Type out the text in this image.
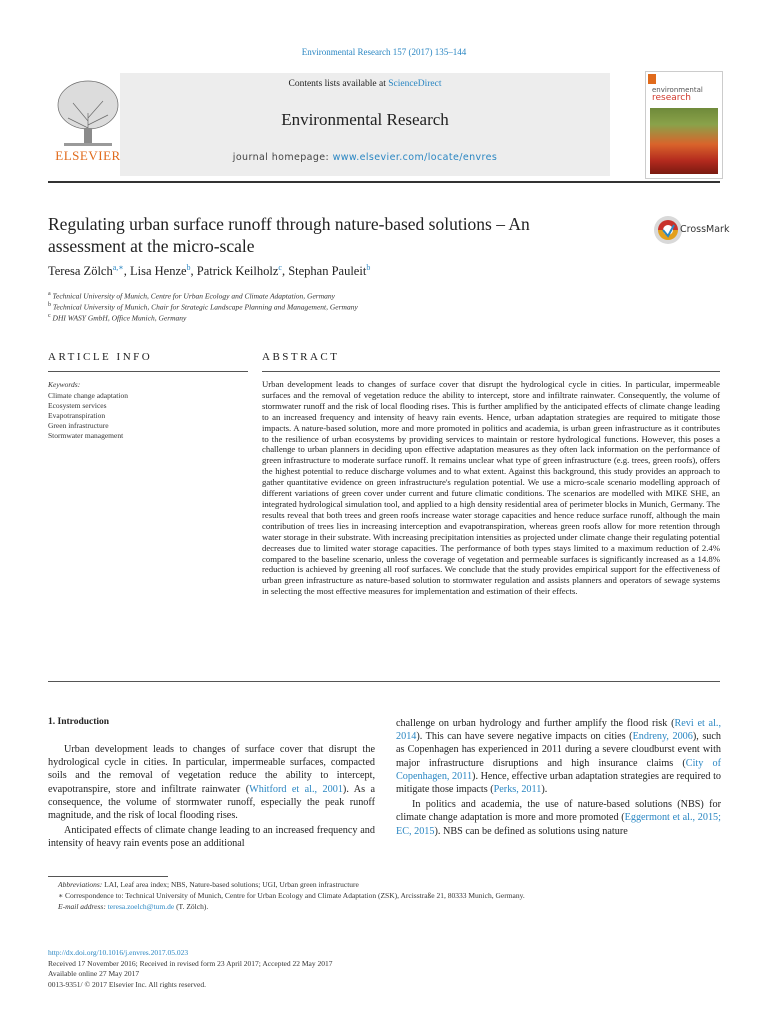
Environmental Research 157 (2017) 135–144
ELSEVIER
Contents lists available at ScienceDirect
Environmental Research
journal homepage: www.elsevier.com/locate/envres
environmental
research
Regulating urban surface runoff through nature-based solutions – An assessment at the micro-scale
CrossMark
Teresa Zölch$^{a,∗}$, Lisa Henze$^b$, Patrick Keilholz$^c$, Stephan Pauleit$^b$
$^a$ Technical University of Munich, Centre for Urban Ecology and Climate Adaptation, Germany
$^b$ Technical University of Munich, Chair for Strategic Landscape Planning and Management, Germany
$^c$ DHI WASY GmbH, Office Munich, Germany
ARTICLE INFO	ABSTRACT
Keywords:
Climate change adaptation
Ecosystem services
Evapotranspiration
Green infrastructure
Stormwater management
Urban development leads to changes of surface cover that disrupt the hydrological cycle in cities. In particular, impermeable surfaces and the removal of vegetation reduce the ability to intercept, store and infiltrate rainwater. Consequently, the volume of stormwater runoff and the risk of local flooding rises. This is further amplified by the anticipated effects of climate change leading to an increased frequency and intensity of heavy rain events. Hence, urban adaptation strategies are required to mitigate those impacts. A nature-based solution, more and more promoted in politics and academia, is urban green infrastructure as it contributes to the resilience of urban ecosystems by providing services to maintain or restore hydrological functions. However, this poses a challenge to urban planners in deciding upon effective adaptation measures as they often lack information on the performance of green infrastructure to moderate surface runoff. It remains unclear what type of green infrastructure (e.g. trees, green roofs), offers the highest potential to reduce discharge volumes and to what extent. Against this background, this study provides an approach to gather quantitative evidence on green infrastructure's regulation potential. We use a micro-scale scenario modelling approach of different variations of green cover under current and future climatic conditions. The scenarios are modelled with MIKE SHE, an integrated hydrological simulation tool, and applied to a high density residential area of perimeter blocks in Munich, Germany. The results reveal that both trees and green roofs increase water storage capacities and hence reduce surface runoff, although the main contribution of trees lies in increasing interception and evapotranspiration, whereas green roofs allow for more retention through water storage in their substrate. With increasing precipitation intensities as projected under climate change their regulating potential decreases due to limited water storage capacities. The performance of both types stays limited to a maximum reduction of 2.4% compared to the baseline scenario, unless the coverage of vegetation and permeable surfaces is significantly increased as a 14.8% reduction is achieved by greening all roof surfaces. We conclude that the study provides empirical support for the effectiveness of urban green infrastructure as nature-based solution to stormwater regulation and assists planners and operators of sewage systems in selecting the most effective measures for implementation and estimation of their effects.
1. Introduction

Urban development leads to changes of surface cover that disrupt the hydrological cycle in cities. In particular, impermeable surfaces, compacted soils and the removal of vegetation reduce the ability to intercept, evapotranspire, store and infiltrate rainwater (Whitford et al., 2001). As a consequence, the volume of stormwater runoff, especially the peak runoff magnitude, and the risk of local flooding rises.

Anticipated effects of climate change leading to an increased frequency and intensity of heavy rain events pose an additional

challenge on urban hydrology and further amplify the flood risk (Revi et al., 2014). This can have severe negative impacts on cities (Endreny, 2006), such as Copenhagen has experienced in 2011 during a severe cloudburst event with major infrastructure disruptions and high insurance claims (City of Copenhagen, 2011). Hence, effective urban adaptation strategies are required to mitigate those impacts (Perks, 2011).

In politics and academia, the use of nature-based solutions (NBS) for climate change adaptation is more and more promoted (Eggermont et al., 2015; EC, 2015). NBS can be defined as solutions using nature

Abbreviations: LAI, Leaf area index; NBS, Nature-based solutions; UGI, Urban green infrastructure
∗ Correspondence to: Technical University of Munich, Centre for Urban Ecology and Climate Adaptation (ZSK), Arcisstraße 21, 80333 Munich, Germany.
E-mail address: teresa.zoelch@tum.de (T. Zölch).
http://dx.doi.org/10.1016/j.envres.2017.05.023
Received 17 November 2016; Received in revised form 23 April 2017; Accepted 22 May 2017
Available online 27 May 2017
0013-9351/ © 2017 Elsevier Inc. All rights reserved.
